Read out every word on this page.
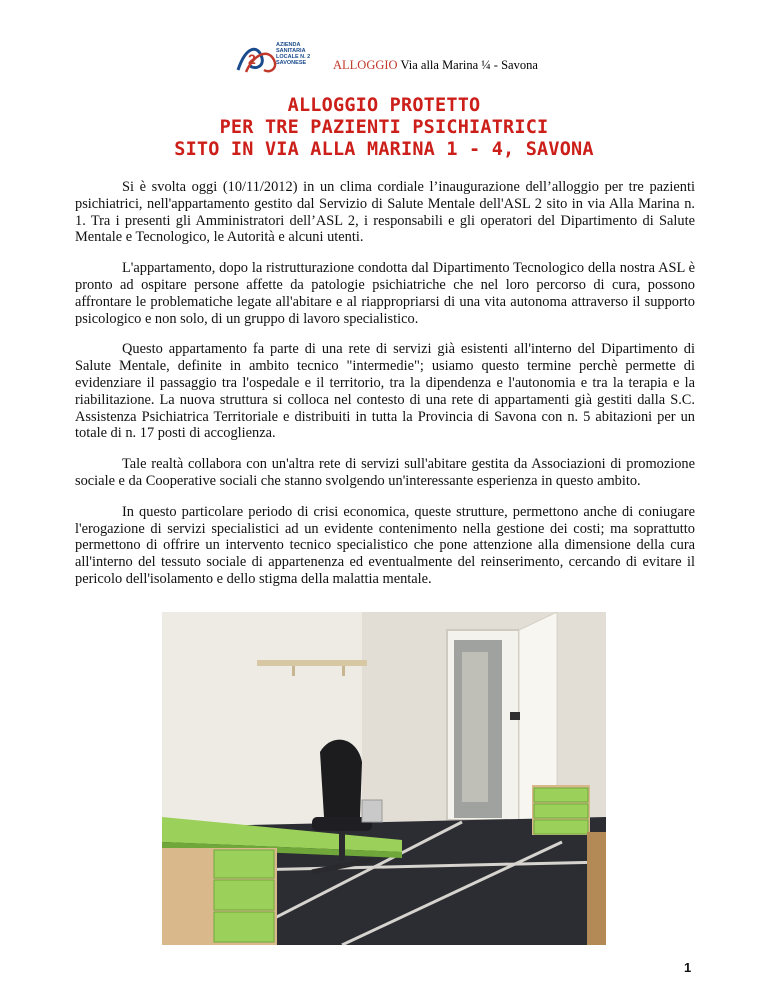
2
AZIENDA
SANITARIA
LOCALE N. 2
SAVONESE	ALLOGGIO Via alla Marina ¼ - Savona
ALLOGGIO PROTETTO
PER TRE PAZIENTI PSICHIATRICI
SITO IN VIA ALLA MARINA 1 - 4, SAVONA

Si è svolta oggi (10/11/2012) in un clima cordiale l’inaugurazione dell’alloggio per tre pazienti psichiatrici, nell'appartamento gestito dal Servizio di Salute Mentale dell'ASL 2 sito in via Alla Marina n. 1. Tra i presenti gli Amministratori dell’ASL 2, i responsabili e gli operatori del Dipartimento di Salute Mentale e Tecnologico, le Autorità e alcuni utenti.

L'appartamento, dopo la ristrutturazione condotta dal Dipartimento Tecnologico della nostra ASL è pronto ad ospitare persone affette da patologie psichiatriche che nel loro percorso di cura, possono affrontare le problematiche legate all'abitare e al riappropriarsi di una vita autonoma attraverso il supporto psicologico e non solo, di un gruppo di lavoro specialistico.

Questo appartamento fa parte di una rete di servizi già esistenti all'interno del Dipartimento di Salute Mentale, definite in ambito tecnico "intermedie"; usiamo questo termine perchè permette di evidenziare il passaggio tra l'ospedale e il territorio, tra la dipendenza e l'autonomia e tra la terapia e la riabilitazione. La nuova struttura si colloca nel contesto di una rete di appartamenti già gestiti dalla S.C. Assistenza Psichiatrica Territoriale e distribuiti in tutta la Provincia di Savona con n. 5 abitazioni per un totale di n. 17 posti di accoglienza.

Tale realtà collabora con un'altra rete di servizi sull'abitare gestita da Associazioni di promozione sociale e da Cooperative sociali che stanno svolgendo un'interessante esperienza in questo ambito.

In questo particolare periodo di crisi economica, queste strutture, permettono anche di coniugare l'erogazione di servizi specialistici ad un evidente contenimento nella gestione dei costi; ma soprattutto permettono di offrire un intervento tecnico specialistico che pone attenzione alla dimensione della cura all'interno del tessuto sociale di appartenenza ed eventualmente del reinserimento, cercando di evitare il pericolo dell'isolamento e dello stigma della malattia mentale.

1
